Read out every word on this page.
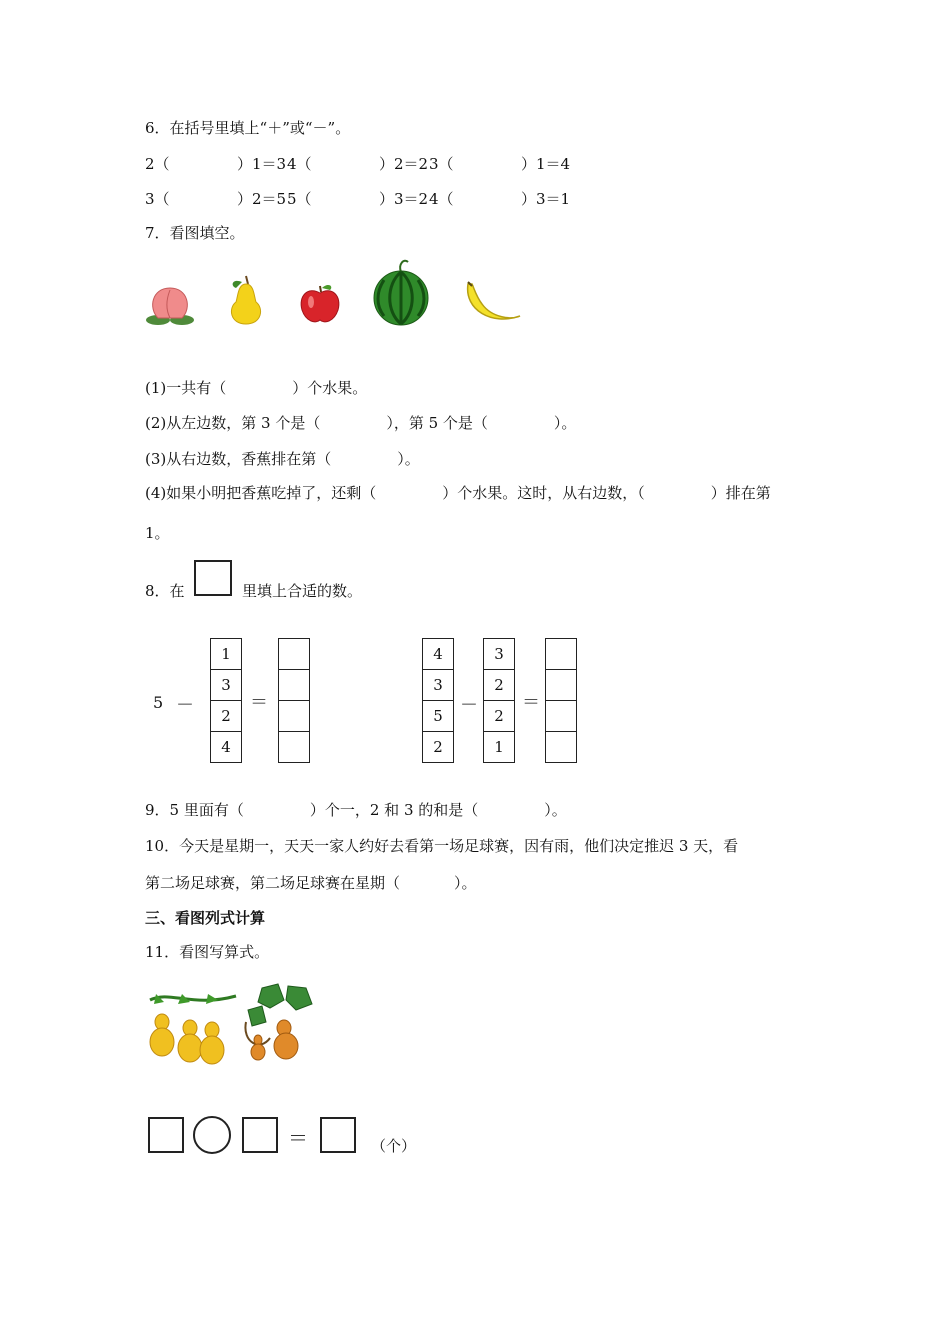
6．在括号里填上“＋”或“－”。
2（	）1＝34（	）2＝23（	）1＝4
3（	）2＝55（	）3＝24（	）3＝1
7．看图填空。
(1)一共有（	）个水果。
(2)从左边数，第 3 个是（	），第 5 个是（	）。
(3)从右边数，香蕉排在第（	）。
(4)如果小明把香蕉吃掉了，还剩（	）个水果。这时，从右边数，（	）排在第
1。
8．在	里填上合适的数。
5 －
1
3
2
4
＝
4
3
5
2
－
3
2
2
1
＝
9．5 里面有（	）个一，2 和 3 的和是（	）。
10．今天是星期一，天天一家人约好去看第一场足球赛，因有雨，他们决定推迟 3 天，看
第二场足球赛，第二场足球赛在星期（	）。
三、看图列式计算
11．看图写算式。
＝	（个）
